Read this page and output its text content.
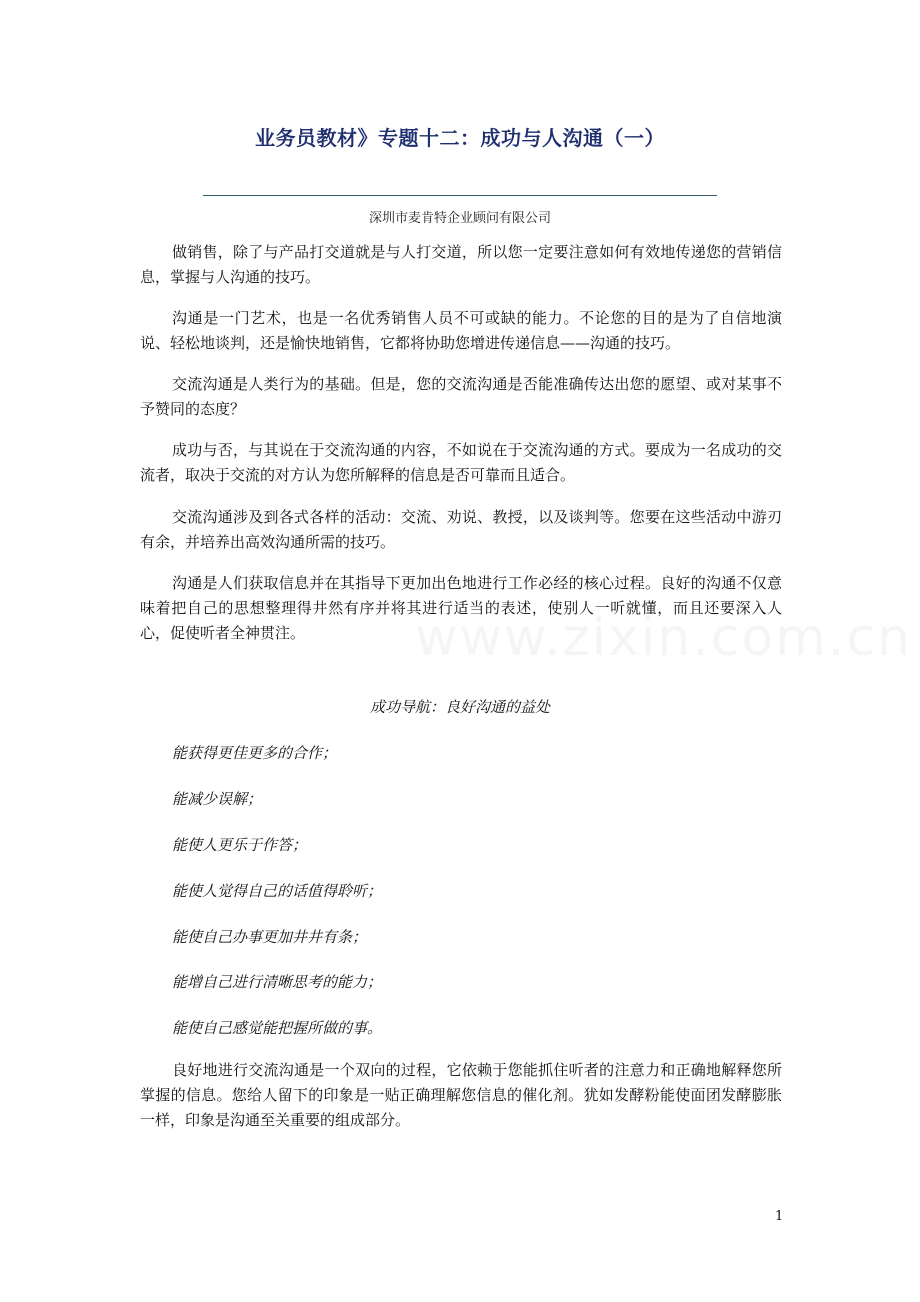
业务员教材》专题十二：成功与人沟通（一）
深圳市麦肯特企业顾问有限公司
www.zixin.com.cn

做销售，除了与产品打交道就是与人打交道，所以您一定要注意如何有效地传递您的营销信息，掌握与人沟通的技巧。

沟通是一门艺术，也是一名优秀销售人员不可或缺的能力。不论您的目的是为了自信地演说、轻松地谈判，还是愉快地销售，它都将协助您增进传递信息——沟通的技巧。

交流沟通是人类行为的基础。但是，您的交流沟通是否能准确传达出您的愿望、或对某事不予赞同的态度？

成功与否，与其说在于交流沟通的内容，不如说在于交流沟通的方式。要成为一名成功的交流者，取决于交流的对方认为您所解释的信息是否可靠而且适合。

交流沟通涉及到各式各样的活动：交流、劝说、教授，以及谈判等。您要在这些活动中游刃有余，并培养出高效沟通所需的技巧。

沟通是人们获取信息并在其指导下更加出色地进行工作必经的核心过程。良好的沟通不仅意味着把自己的思想整理得井然有序并将其进行适当的表述，使别人一听就懂，而且还要深入人心，促使听者全神贯注。

成功导航：良好沟通的益处
能获得更佳更多的合作；
能减少误解；
能使人更乐于作答；
能使人觉得自己的话值得聆听；
能使自己办事更加井井有条；
能增自己进行清晰思考的能力；
能使自己感觉能把握所做的事。

良好地进行交流沟通是一个双向的过程，它依赖于您能抓住听者的注意力和正确地解释您所掌握的信息。您给人留下的印象是一贴正确理解您信息的催化剂。犹如发酵粉能使面团发酵膨胀一样，印象是沟通至关重要的组成部分。

1
